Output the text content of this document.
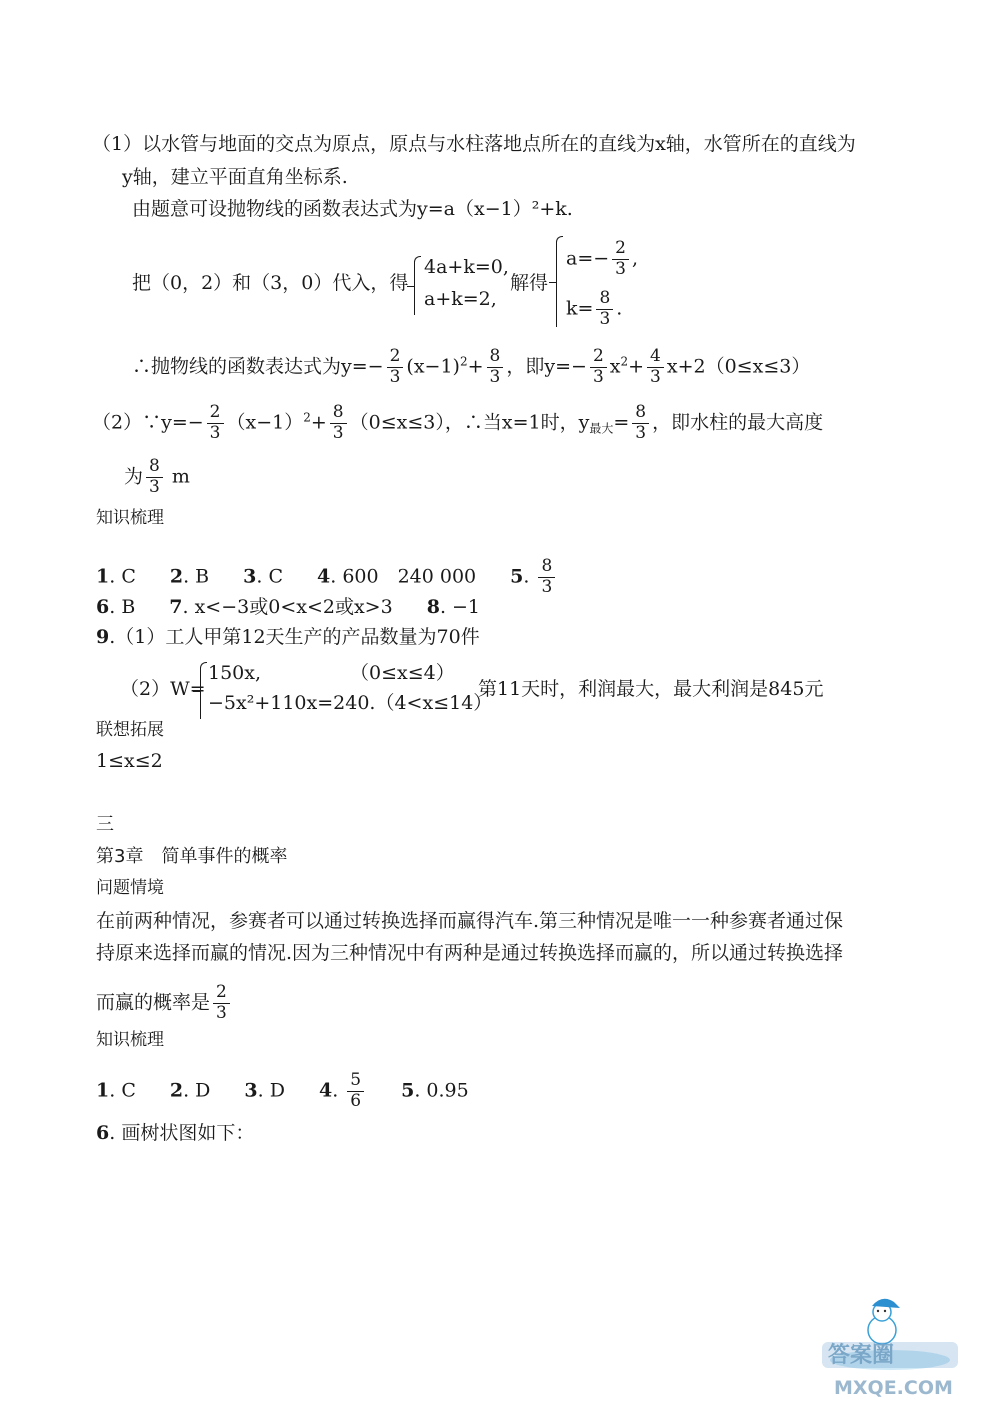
（1）以水管与地面的交点为原点，原点与水柱落地点所在的直线为x轴，水管所在的直线为
y轴，建立平面直角坐标系.
由题意可设抛物线的函数表达式为y=a（x−1）²+k.
把（0，2）和（3，0）代入，得
4a+k=0,
a+k=2,
解得
$a=- \frac{2}{3}$ ,
$k= \frac{8}{3}$ .
∴抛物线的函数表达式为$y=- \frac{2}{3} (x-1)^2+ \frac{8}{3}$ ，即$y=- \frac{2}{3} x^2+ \frac{4}{3} x+2(0\le x\le 3)$
（2）∵y=− $\frac{2}{3} (x-1)^2+ \frac{8}{3} (0\le x\le 3)$，∴当x=1时，$y_{最大}= \frac{8}{3}$ ，即水柱的最大高度
为 $\frac{8}{3}$ m
知识梳理
1. C 2. B 3. C 4. 600　240 000 5. $\frac{8}{3}$
6. B 7. x<−3或0<x<2或x>3 8. −1
9.（1）工人甲第12天生产的产品数量为70件
（2）W=
150x,	（0≤x≤4）
−5x²+110x=240.（4<x≤14）
第11天时，利润最大，最大利润是845元
联想拓展
1≤x≤2
三
第3章　简单事件的概率
问题情境
在前两种情况，参赛者可以通过转换选择而赢得汽车.第三种情况是唯一一种参赛者通过保
持原来选择而赢的情况.因为三种情况中有两种是通过转换选择而赢的，所以通过转换选择
而赢的概率是 $\frac{2}{3}$
知识梳理
1. C 2. D 3. D 4. $\frac{5}{6} 5$. 0.95
6. 画树状图如下：
答案圈
MXQE.COM
